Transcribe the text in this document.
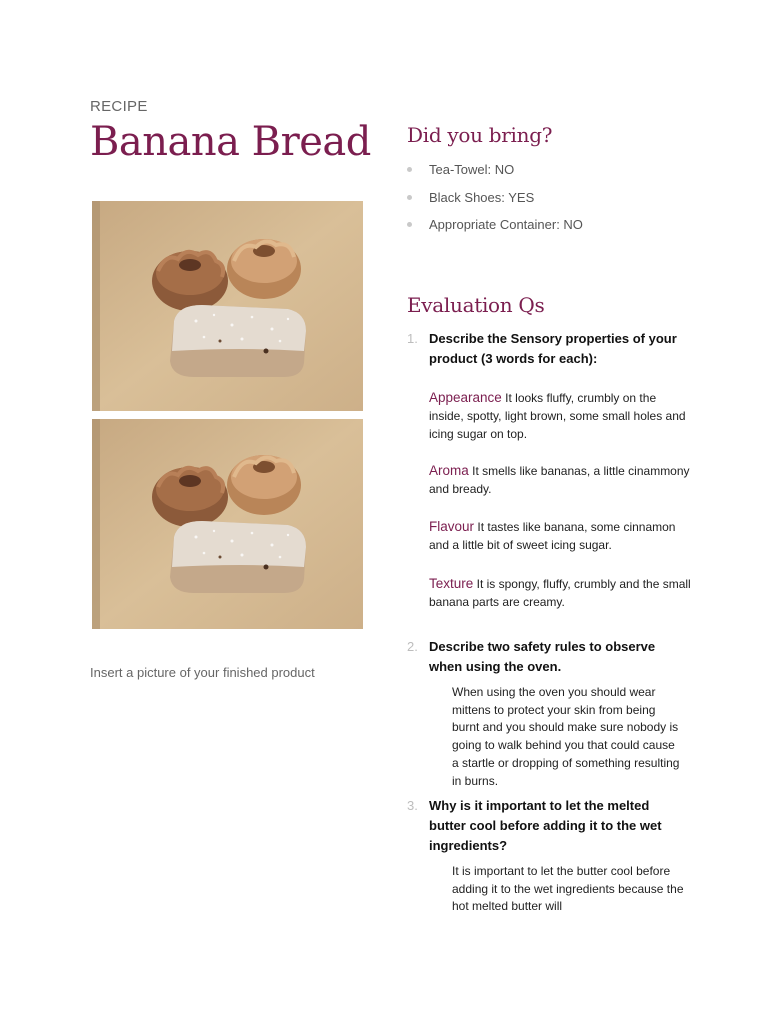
RECIPE
Banana Bread
Insert a picture of your finished product
Did you bring?
Tea-Towel: NO
Black Shoes: YES
Appropriate Container: NO
Evaluation Qs
1. Describe the Sensory properties of your product (3 words for each):
Appearance It looks fluffy, crumbly on the inside, spotty, light brown, some small holes and icing sugar on top.
Aroma It smells like bananas, a little cinammony and bready.
Flavour It tastes like banana, some cinnamon and a little bit of sweet icing sugar.
Texture It is spongy, fluffy, crumbly and the small banana parts are creamy.
2. Describe two safety rules to observe when using the oven.
When using the oven you should wear mittens to protect your skin from being burnt and you should make sure nobody is going to walk behind you that could cause a startle or dropping of something resulting in burns.
3. Why is it important to let the melted butter cool before adding it to the wet ingredients?
It is important to let the butter cool before adding it to the wet ingredients because the hot melted butter will
